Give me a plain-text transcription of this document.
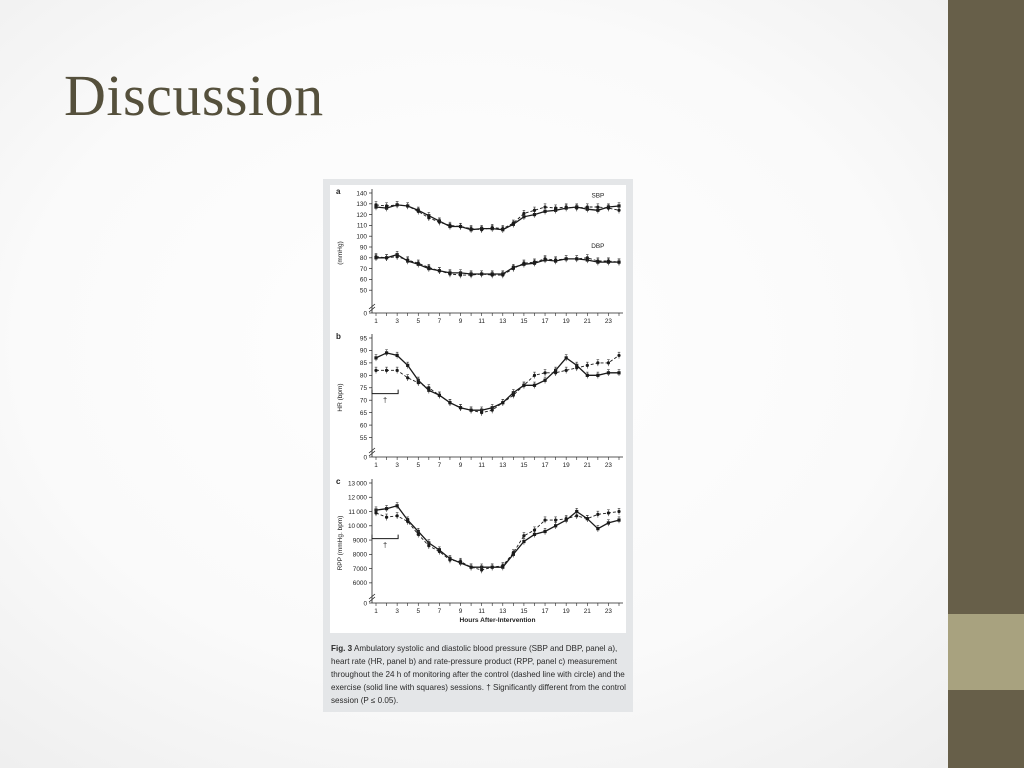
Discussion
a
(mmHg)
0
50
60
70
80
90
100
110
120
130
140
1	3	5	7	9	11 13 15 17 19 21 23
SBP
DBP
b
HR (bpm)
0
55
60
65
70
75
80
85
90
95
1	3	5	7	9	11 13 15 17 19 21 23
†
c
RPP (mmHg. bpm)
0
6000
7000
8000
9000
10 000
11 000
12 000
13 000
1	3	5	7	9	11 13 15 17 19 21 23
Hours After-Intervention
†
Fig. 3 Ambulatory systolic and diastolic blood pressure (SBP and DBP, panel a), heart rate (HR, panel b) and rate-pressure product (RPP, panel c) measurement throughout the 24 h of monitoring after the control (dashed line with circle) and the exercise (solid line with squares) sessions. † Significantly different from the control session (P ≤ 0.05).
